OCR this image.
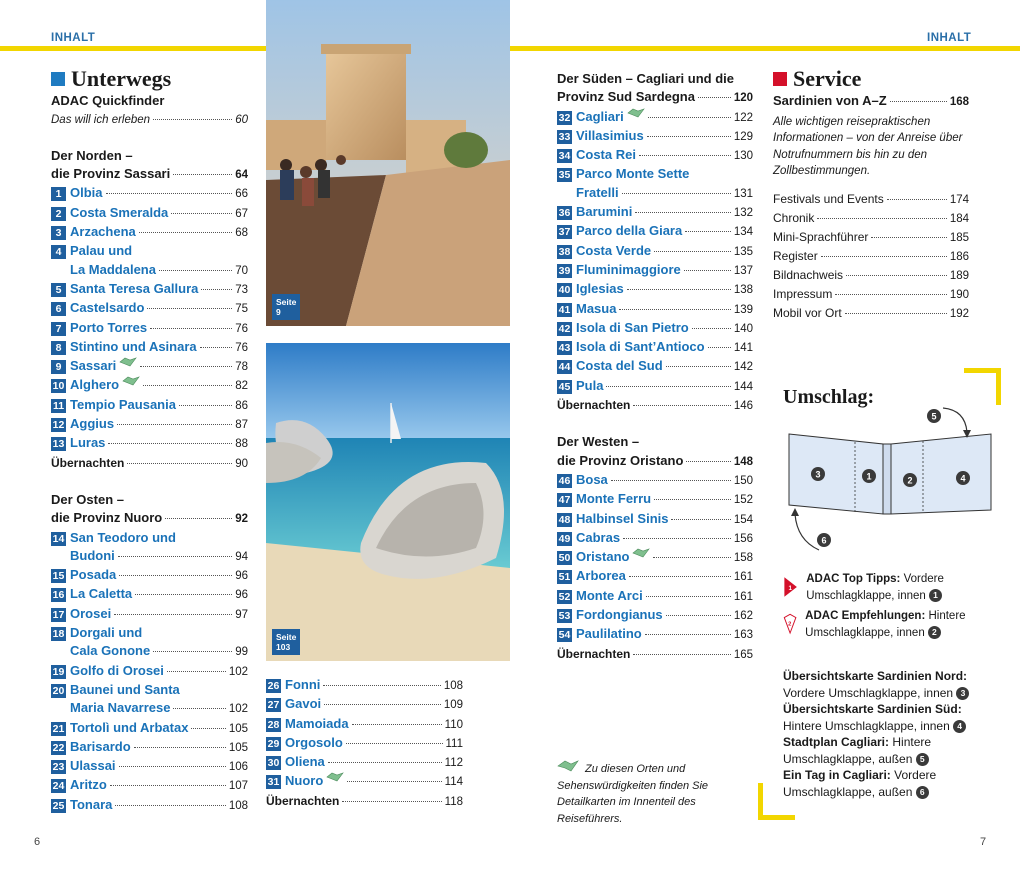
INHALT	INHALT
Unterwegs
ADAC Quickfinder
Das will ich erleben	60
Der Norden –
die Provinz Sassari	64
1 Olbia	66
2 Costa Smeralda	67
3 Arzachena	68
4 Palau und
La Maddalena	70
5 Santa Teresa Gallura	73
6 Castelsardo	75
7 Porto Torres	76
8 Stintino und Asinara	76
9 Sassari	78
10 Alghero	82
11 Tempio Pausania	86
12 Aggius	87
13 Luras	88
Übernachten	90
Der Osten –
die Provinz Nuoro	92
14 San Teodoro und
Budoni	94
15 Posada	96
16 La Caletta	96
17 Orosei	97
18 Dorgali und
Cala Gonone	99
19 Golfo di Orosei	102
20 Baunei und Santa
Maria Navarrese	102
21 Tortolì und Arbatax	105
22 Barisardo	105
23 Ulassai	106
24 Aritzo	107
25 Tonara	108
Seite
9
Seite
103
26 Fonni	108
27 Gavoi	109
28 Mamoiada	110
29 Orgosolo	111
30 Oliena	112
31 Nuoro	114
Übernachten	118
Der Süden – Cagliari und die
Provinz Sud Sardegna	120
32 Cagliari	122
33 Villasimius	129
34 Costa Rei	130
35 Parco Monte Sette
Fratelli	131
36 Barumini	132
37 Parco della Giara	134
38 Costa Verde	135
39 Fluminimaggiore	137
40 Iglesias	138
41 Masua	139
42 Isola di San Pietro	140
43 Isola di Sant’Antioco	141
44 Costa del Sud	142
45 Pula	144
Übernachten	146
Der Westen –
die Provinz Oristano	148
46 Bosa	150
47 Monte Ferru	152
48 Halbinsel Sinis	154
49 Cabras	156
50 Oristano	158
51 Arborea	161
52 Monte Arci	161
53 Fordongianus	162
54 Paulilatino	163
Übernachten	165
Zu diesen Orten und Sehenswürdigkeiten finden Sie Detailkarten im Innenteil des Reiseführers.
Service
Sardinien von A–Z	168
Alle wichtigen reisepraktischen Informationen – von der Anreise über Notrufnummern bis hin zu den Zollbestimmungen.
Festivals und Events	174
Chronik	184
Mini-Sprachführer	185
Register	186
Bildnachweis	189
Impressum	190
Mobil vor Ort	192
Umschlag:
5
3	1	2	4
6
1
ADAC Top Tipps: Vordere Umschlagklappe, innen 1
2
ADAC Empfehlungen: Hintere Umschlagklappe, innen 2
Übersichtskarte Sardinien Nord: Vordere Umschlagklappe, innen 3
Übersichtskarte Sardinien Süd: Hintere Umschlagklappe, innen 4
Stadtplan Cagliari: Hintere Umschlagklappe, außen 5
Ein Tag in Cagliari: Vordere Umschlagklappe, außen 6
6	7
